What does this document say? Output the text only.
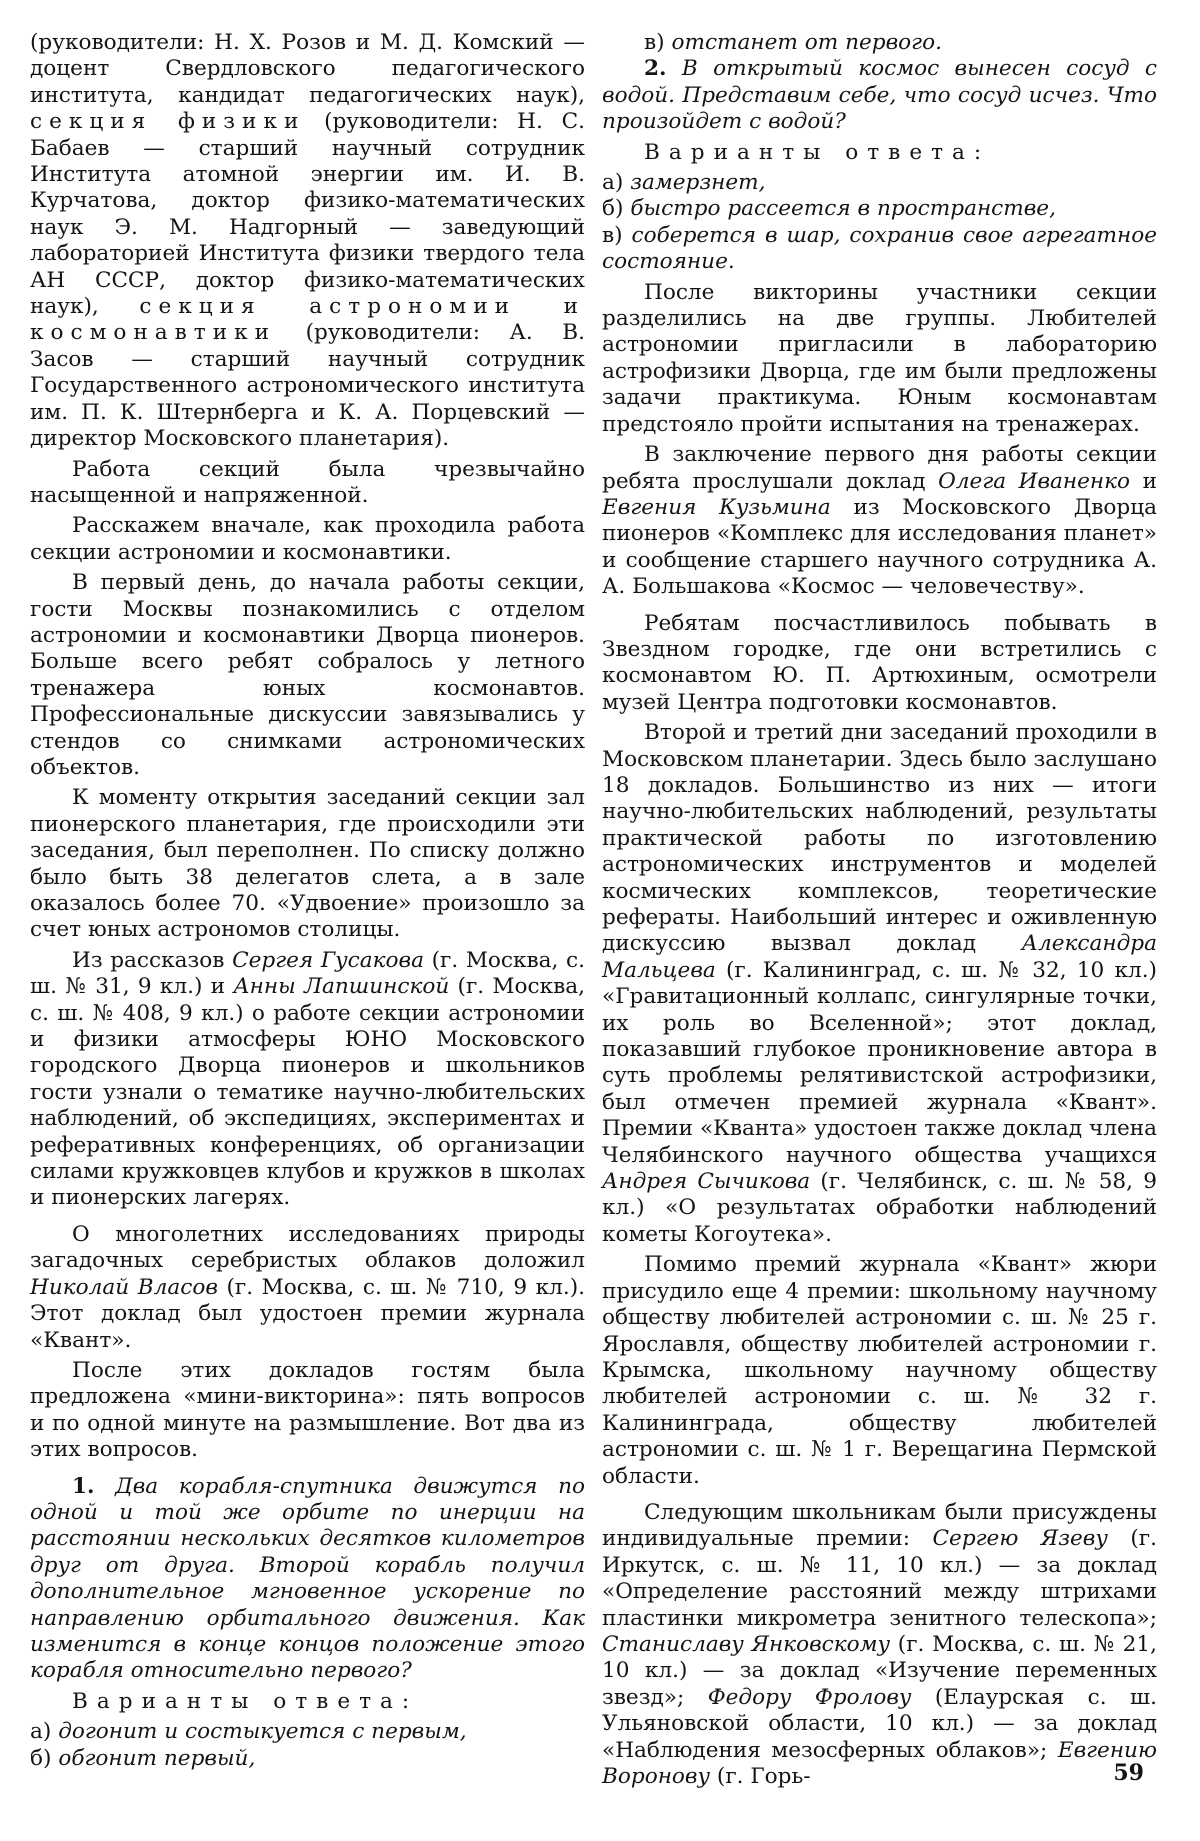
(руководители: Н. Х. Розов и М. Д. Комский — доцент Свердловского педагогического института, кандидат педагогических наук), секция физики (руководители: Н. С. Бабаев — старший научный сотрудник Института атомной энергии им. И. В. Курчатова, доктор физико-математических наук Э. М. Надгорный — заведующий лабораторией Института физики твердого тела АН СССР, доктор физико-математических наук), секция астрономии и космонавтики (руководители: А. В. Засов — старший научный сотрудник Государственного астрономического института им. П. К. Штернберга и К. А. Порцевский — директор Московского планетария).

Работа секций была чрезвычайно насыщенной и напряженной.

Расскажем вначале, как проходила работа секции астрономии и космонавтики.

В первый день, до начала работы секции, гости Москвы познакомились с отделом астрономии и космонавтики Дворца пионеров. Больше всего ребят собралось у летного тренажера юных космонавтов. Профессиональные дискуссии завязывались у стендов со снимками астрономических объектов.

К моменту открытия заседаний секции зал пионерского планетария, где происходили эти заседания, был переполнен. По списку должно было быть 38 делегатов слета, а в зале оказалось более 70. «Удвоение» произошло за счет юных астрономов столицы.

Из рассказов Сергея Гусакова (г. Москва, с. ш. № 31, 9 кл.) и Анны Лапшинской (г. Москва, с. ш. № 408, 9 кл.) о работе секции астрономии и физики атмосферы ЮНО Московского городского Дворца пионеров и школьников гости узнали о тематике научно-любительских наблюдений, об экспедициях, экспериментах и реферативных конференциях, об организации силами кружковцев клубов и кружков в школах и пионерских лагерях.

О многолетних исследованиях природы загадочных серебристых облаков доложил Николай Власов (г. Москва, с. ш. № 710, 9 кл.). Этот доклад был удостоен премии журнала «Квант».

После этих докладов гостям была предложена «мини-викторина»: пять вопросов и по одной минуте на размышление. Вот два из этих вопросов.

1. Два корабля-спутника движутся по одной и той же орбите по инерции на расстоянии нескольких десятков километров друг от друга. Второй корабль получил дополнительное мгновенное ускорение по направлению орбитального движения. Как изменится в конце концов положение этого корабля относительно первого?

Варианты ответа:

а) догонит и состыкуется с первым,

б) обгонит первый,

в) отстанет от первого.

2. В открытый космос вынесен сосуд с водой. Представим себе, что сосуд исчез. Что произойдет с водой?

Варианты ответа:

а) замерзнет,

б) быстро рассеется в пространстве,

в) соберется в шар, сохранив свое агрегатное состояние.

После викторины участники секции разделились на две группы. Любителей астрономии пригласили в лабораторию астрофизики Дворца, где им были предложены задачи практикума. Юным космонавтам предстояло пройти испытания на тренажерах.

В заключение первого дня работы секции ребята прослушали доклад Олега Иваненко и Евгения Кузьмина из Московского Дворца пионеров «Комплекс для исследования планет» и сообщение старшего научного сотрудника А. А. Большакова «Космос — человечеству».

Ребятам посчастливилось побывать в Звездном городке, где они встретились с космонавтом Ю. П. Артюхиным, осмотрели музей Центра подготовки космонавтов.

Второй и третий дни заседаний проходили в Московском планетарии. Здесь было заслушано 18 докладов. Большинство из них — итоги научно-любительских наблюдений, результаты практической работы по изготовлению астрономических инструментов и моделей космических комплексов, теоретические рефераты. Наибольший интерес и оживленную дискуссию вызвал доклад Александра Мальцева (г. Калининград, с. ш. № 32, 10 кл.) «Гравитационный коллапс, сингулярные точки, их роль во Вселенной»; этот доклад, показавший глубокое проникновение автора в суть проблемы релятивистской астрофизики, был отмечен премией журнала «Квант». Премии «Кванта» удостоен также доклад члена Челябинского научного общества учащихся Андрея Сычикова (г. Челябинск, с. ш. № 58, 9 кл.) «О результатах обработки наблюдений кометы Когоутека».

Помимо премий журнала «Квант» жюри присудило еще 4 премии: школьному научному обществу любителей астрономии с. ш. № 25 г. Ярославля, обществу любителей астрономии г. Крымска, школьному научному обществу любителей астрономии с. ш. № 32 г. Калининграда, обществу любителей астрономии с. ш. № 1 г. Верещагина Пермской области.

Следующим школьникам были присуждены индивидуальные премии: Сергею Язеву (г. Иркутск, с. ш. № 11, 10 кл.) — за доклад «Определение расстояний между штрихами пластинки микрометра зенитного телескопа»; Станиславу Янковскому (г. Москва, с. ш. № 21, 10 кл.) — за доклад «Изучение переменных звезд»; Федору Фролову (Елаурская с. ш. Ульяновской области, 10 кл.) — за доклад «Наблюдения мезосферных облаков»; Евгению Воронову (г. Горь-	59
